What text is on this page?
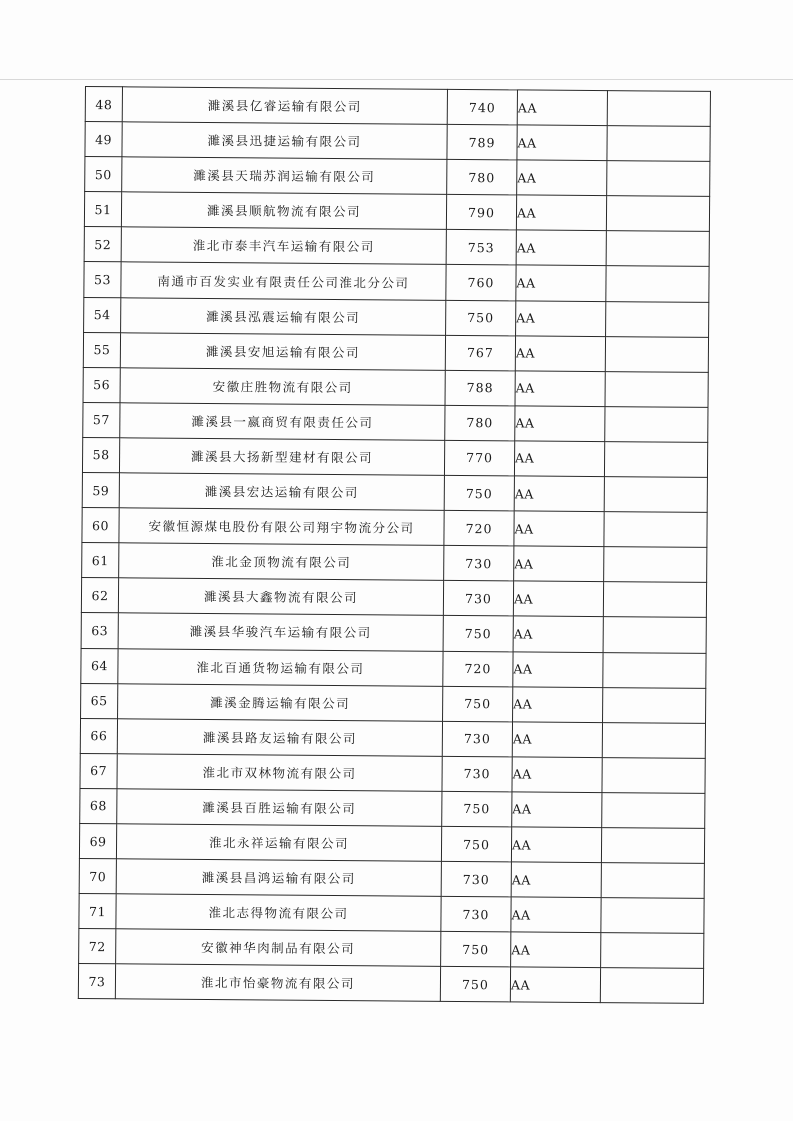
48	濉溪县亿睿运输有限公司	740	AA	
49	濉溪县迅捷运输有限公司	789	AA	
50	濉溪县天瑞苏润运输有限公司	780	AA	
51	濉溪县顺航物流有限公司	790	AA	
52	淮北市泰丰汽车运输有限公司	753	AA	
53	南通市百发实业有限责任公司淮北分公司	760	AA	
54	濉溪县泓震运输有限公司	750	AA	
55	濉溪县安旭运输有限公司	767	AA	
56	安徽庄胜物流有限公司	788	AA	
57	濉溪县一嬴商贸有限责任公司	780	AA	
58	濉溪县大扬新型建材有限公司	770	AA	
59	濉溪县宏达运输有限公司	750	AA	
60	安徽恒源煤电股份有限公司翔宇物流分公司	720	AA	
61	淮北金顶物流有限公司	730	AA	
62	濉溪县大鑫物流有限公司	730	AA	
63	濉溪县华骏汽车运输有限公司	750	AA	
64	淮北百通货物运输有限公司	720	AA	
65	濉溪金腾运输有限公司	750	AA	
66	濉溪县路友运输有限公司	730	AA	
67	淮北市双林物流有限公司	730	AA	
68	濉溪县百胜运输有限公司	750	AA	
69	淮北永祥运输有限公司	750	AA	
70	濉溪县昌鸿运输有限公司	730	AA	
71	淮北志得物流有限公司	730	AA	
72	安徽神华肉制品有限公司	750	AA	
73	淮北市怡豪物流有限公司	750	AA	
